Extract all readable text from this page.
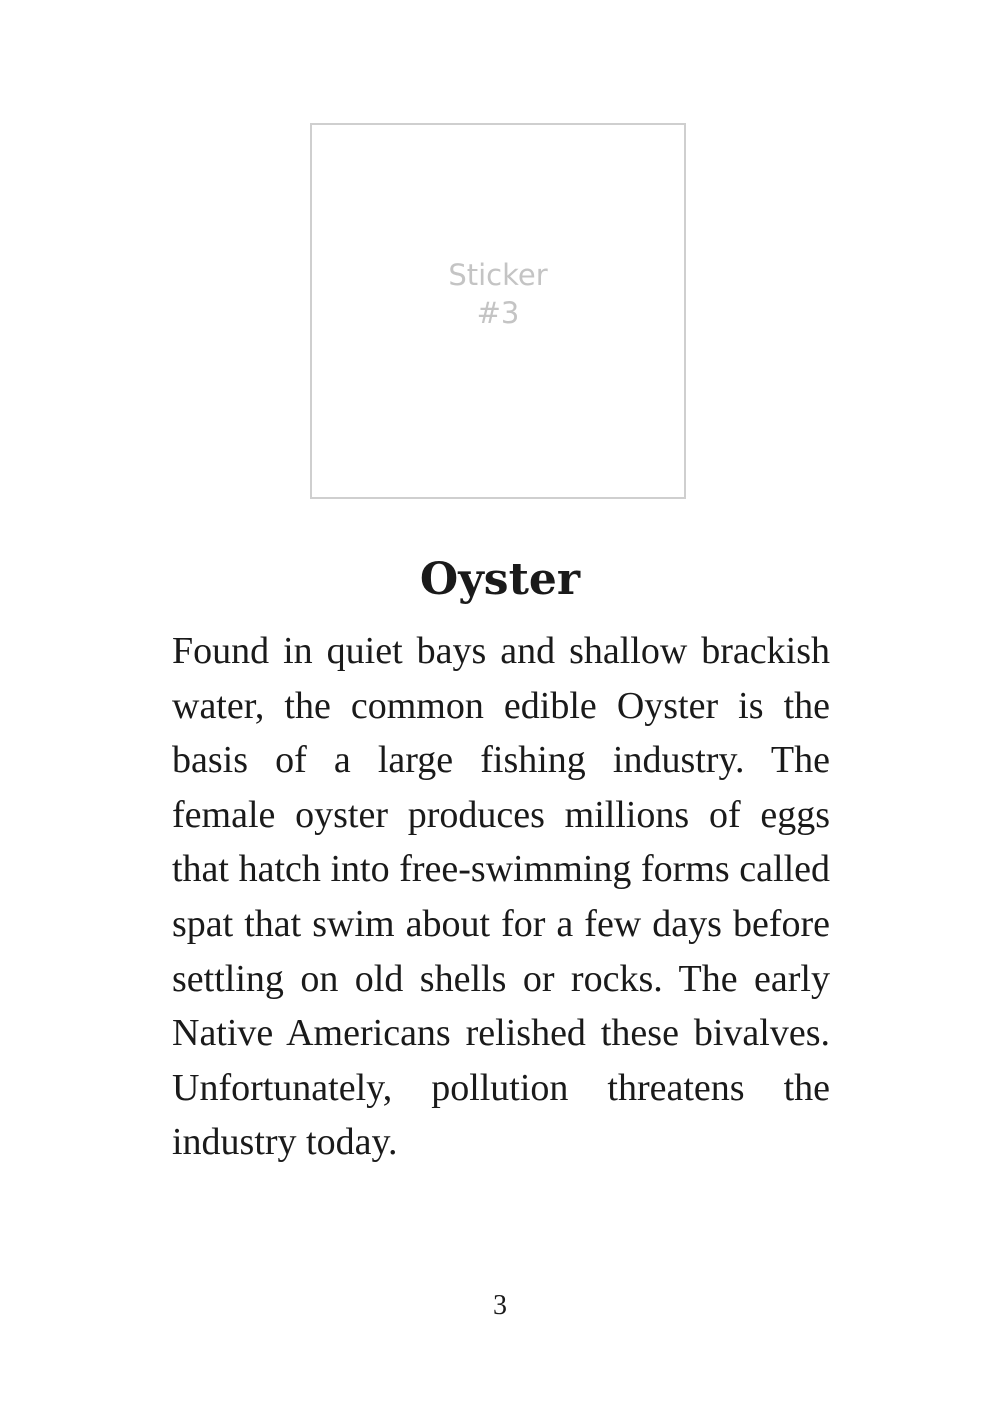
Sticker
#3
Oyster

Found in quiet bays and shallow brackish water, the common edible Oyster is the basis of a large fishing industry. The female oyster produces millions of eggs that hatch into free-swimming forms called spat that swim about for a few days before settling on old shells or rocks. The early Native Americans relished these bivalves. Unfortunately, pollution threatens the industry today.

3
